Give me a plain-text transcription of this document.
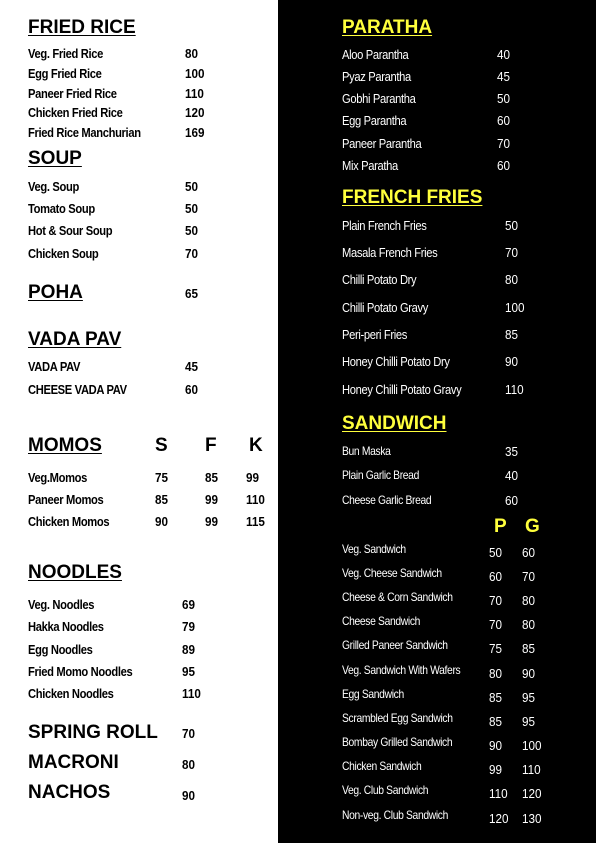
FRIED RICE
Veg. Fried Rice	80
Egg Fried Rice	100
Paneer Fried Rice	110
Chicken Fried Rice	120
Fried Rice Manchurian	169
SOUP
Veg. Soup	50
Tomato Soup	50
Hot & Sour Soup	50
Chicken Soup	70
POHA	65
VADA PAV
VADA PAV	45
CHEESE VADA PAV	60
MOMOS	S F K
Veg.Momos	75	85 99
Paneer Momos	85	99 110
Chicken Momos	90	99 115
NOODLES
Veg. Noodles	69
Hakka Noodles	79
Egg Noodles	89
Fried Momo Noodles	95
Chicken Noodles	110
SPRING ROLL 70
MACRONI	80
NACHOS	90
PARATHA
Aloo Parantha	40
Pyaz Parantha	45
Gobhi Parantha	50
Egg Parantha	60
Paneer Parantha	70
Mix Paratha	60
FRENCH FRIES
Plain French Fries	50
Masala French Fries	70
Chilli Potato Dry	80
Chilli Potato Gravy	100
Peri-peri Fries	85
Honey Chilli Potato Dry	90
Honey Chilli Potato Gravy	110
SANDWICH
Bun Maska	35
Plain Garlic Bread	40
Cheese Garlic Bread	60
P G
Veg. Sandwich	50 60
Veg. Cheese Sandwich	60 70
Cheese & Corn Sandwich	70 80
Cheese Sandwich	70 80
Grilled Paneer Sandwich	75 85
Veg. Sandwich With Wafers 80 90
Egg Sandwich	85 95
Scrambled Egg Sandwich	85 95
Bombay Grilled Sandwich	90 100
Chicken Sandwich	99 110
Veg. Club Sandwich	110 120
Non-veg. Club Sandwich	120 130
